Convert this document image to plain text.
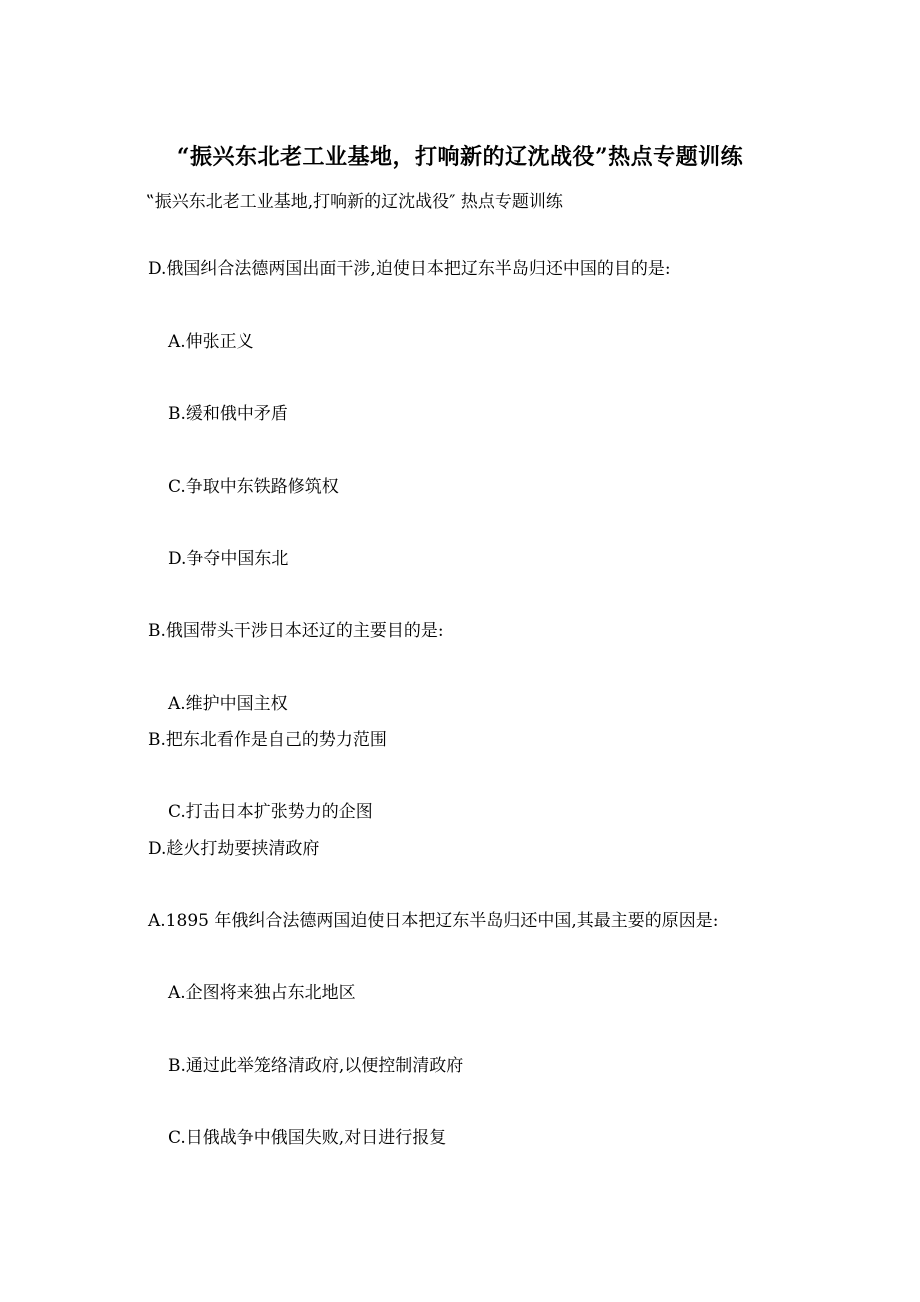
“振兴东北老工业基地，打响新的辽沈战役”热点专题训练
‟振兴东北老工业基地,打响新的辽沈战役″ 热点专题训练
D.俄国纠合法德两国出面干涉,迫使日本把辽东半岛归还中国的目的是:
A.伸张正义
B.缓和俄中矛盾
C.争取中东铁路修筑权
D.争夺中国东北
B.俄国带头干涉日本还辽的主要目的是:
A.维护中国主权
B.把东北看作是自己的势力范围
C.打击日本扩张势力的企图
D.趁火打劫要挟清政府
A.1895 年俄纠合法德两国迫使日本把辽东半岛归还中国,其最主要的原因是:
A.企图将来独占东北地区
B.通过此举笼络清政府,以便控制清政府
C.日俄战争中俄国失败,对日进行报复
